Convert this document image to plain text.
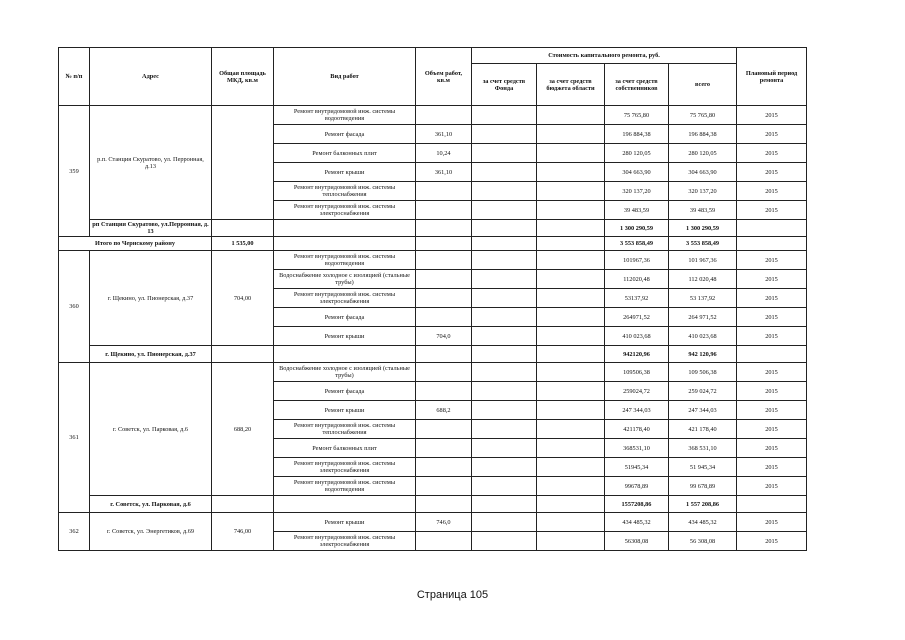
№ п/п	Адрес	Общая площадь МКД, кв.м	Вид работ	Объем работ, кв.м	Стоимость капитального ремонта, руб.				Плановый период ремонта
					за счет средств Фонда	за счет средств бюджета области	за счет средств собственников	всего	
359	р.п. Станция Скуратово, ул. Перронная, д.13		Ремонт внутридомовой инж. системы водоотведения				75 765,80	75 765,80	2015
			Ремонт фасада	361,10			196 884,38	196 884,38	2015
			Ремонт балконных плит	10,24			280 120,05	280 120,05	2015
			Ремонт крыши	361,10			304 663,90	304 663,90	2015
			Ремонт внутридомовой инж. системы теплоснабжения				320 137,20	320 137,20	2015
			Ремонт внутридомовой инж. системы электроснабжения				39 483,59	39 483,59	2015
	рп Станция Скуратово, ул.Перронная, д. 13						1 300 290,59	1 300 290,59	
Итого по Чернскому району		1 535,00					3 553 858,49	3 553 858,49	
360	г. Щекино, ул. Пионерская, д.37	704,00	Ремонт внутридомовой инж. системы водоотведения				101967,36	101 967,36	2015
			Водоснабжение холодное с изоляцией (стальные трубы)				112020,48	112 020,48	2015
			Ремонт внутридомовой инж. системы электроснабжения				53137,92	53 137,92	2015
			Ремонт фасада				264971,52	264 971,52	2015
			Ремонт крыши	704,0			410 023,68	410 023,68	2015
	г. Щекино, ул. Пионерская, д.37						942120,96	942 120,96	
361	г. Советск, ул. Парковая, д.6	688,20	Водоснабжение холодное с изоляцией (стальные трубы)				109506,38	109 506,38	2015
			Ремонт фасада				259024,72	259 024,72	2015
			Ремонт крыши	688,2			247 344,03	247 344,03	2015
			Ремонт внутридомовой инж. системы теплоснабжения				421178,40	421 178,40	2015
			Ремонт балконных плит				368531,10	368 531,10	2015
			Ремонт внутридомовой инж. системы электроснабжения				51945,34	51 945,34	2015
			Ремонт внутридомовой инж. системы водоотведения				99678,89	99 678,89	2015
	г. Советск, ул. Парковая, д.6						1557208,86	1 557 208,86	
362	г. Советск, ул. Энергетиков, д.69	746,00	Ремонт крыши	746,0			434 485,32	434 485,32	2015
			Ремонт внутридомовой инж. системы электроснабжения				56308,08	56 308,08	2015
Страница 105
